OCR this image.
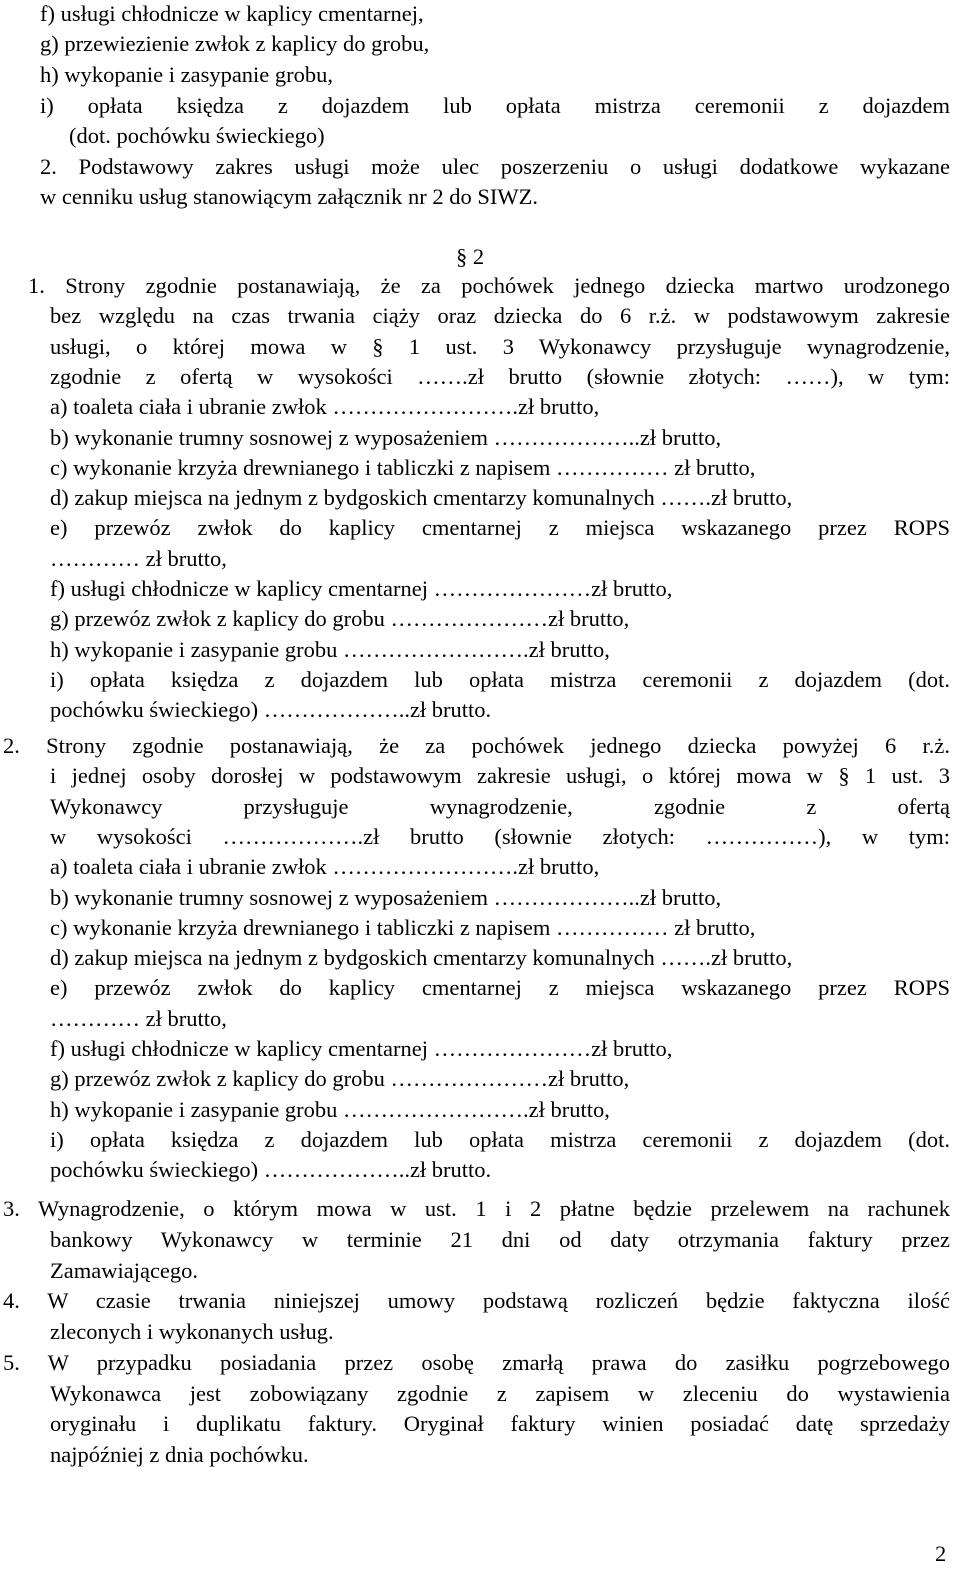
f) usługi chłodnicze w kaplicy cmentarnej,
g) przewiezienie zwłok z kaplicy do grobu,
h) wykopanie i zasypanie grobu,
i) opłata księdza z dojazdem lub opłata mistrza ceremonii z dojazdem
(dot. pochówku świeckiego)
2. Podstawowy zakres usługi może ulec poszerzeniu o usługi dodatkowe wykazane
w cenniku usług stanowiącym załącznik nr 2 do SIWZ.
1. Strony zgodnie postanawiają, że za pochówek jednego dziecka martwo urodzonego
bez względu na czas trwania ciąży oraz dziecka do 6 r.ż. w podstawowym zakresie
usługi, o której mowa w § 1 ust. 3 Wykonawcy przysługuje wynagrodzenie,
zgodnie z ofertą w wysokości …….zł brutto (słownie złotych: ……), w tym:
a) toaleta ciała i ubranie zwłok …………………….zł brutto,
b) wykonanie trumny sosnowej z wyposażeniem ………………..zł brutto,
c) wykonanie krzyża drewnianego i tabliczki z napisem …………… zł brutto,
d) zakup miejsca na jednym z bydgoskich cmentarzy komunalnych …….zł brutto,
e) przewóz zwłok do kaplicy cmentarnej z miejsca wskazanego przez ROPS
………… zł brutto,
f) usługi chłodnicze w kaplicy cmentarnej …………………zł brutto,
g) przewóz zwłok z kaplicy do grobu …………………zł brutto,
h) wykopanie i zasypanie grobu …………………….zł brutto,
i) opłata księdza z dojazdem lub opłata mistrza ceremonii z dojazdem (dot.
pochówku świeckiego) ………………..zł brutto.
2. Strony zgodnie postanawiają, że za pochówek jednego dziecka powyżej 6 r.ż.
i jednej osoby dorosłej w podstawowym zakresie usługi, o której mowa w § 1 ust. 3
Wykonawcy przysługuje wynagrodzenie, zgodnie z ofertą
w wysokości ……………….zł brutto (słownie złotych: ……………), w tym:
a) toaleta ciała i ubranie zwłok …………………….zł brutto,
b) wykonanie trumny sosnowej z wyposażeniem ………………..zł brutto,
c) wykonanie krzyża drewnianego i tabliczki z napisem …………… zł brutto,
d) zakup miejsca na jednym z bydgoskich cmentarzy komunalnych …….zł brutto,
e) przewóz zwłok do kaplicy cmentarnej z miejsca wskazanego przez ROPS
………… zł brutto,
f) usługi chłodnicze w kaplicy cmentarnej …………………zł brutto,
g) przewóz zwłok z kaplicy do grobu …………………zł brutto,
h) wykopanie i zasypanie grobu …………………….zł brutto,
i) opłata księdza z dojazdem lub opłata mistrza ceremonii z dojazdem (dot.
pochówku świeckiego) ………………..zł brutto.
3. Wynagrodzenie, o którym mowa w ust. 1 i 2 płatne będzie przelewem na rachunek
bankowy Wykonawcy w terminie 21 dni od daty otrzymania faktury przez
Zamawiającego.
4. W czasie trwania niniejszej umowy podstawą rozliczeń będzie faktyczna ilość
zleconych i wykonanych usług.
5. W przypadku posiadania przez osobę zmarłą prawa do zasiłku pogrzebowego
Wykonawca jest zobowiązany zgodnie z zapisem w zleceniu do wystawienia
oryginału i duplikatu faktury. Oryginał faktury winien posiadać datę sprzedaży
najpóźniej z dnia pochówku.
§ 2
2
